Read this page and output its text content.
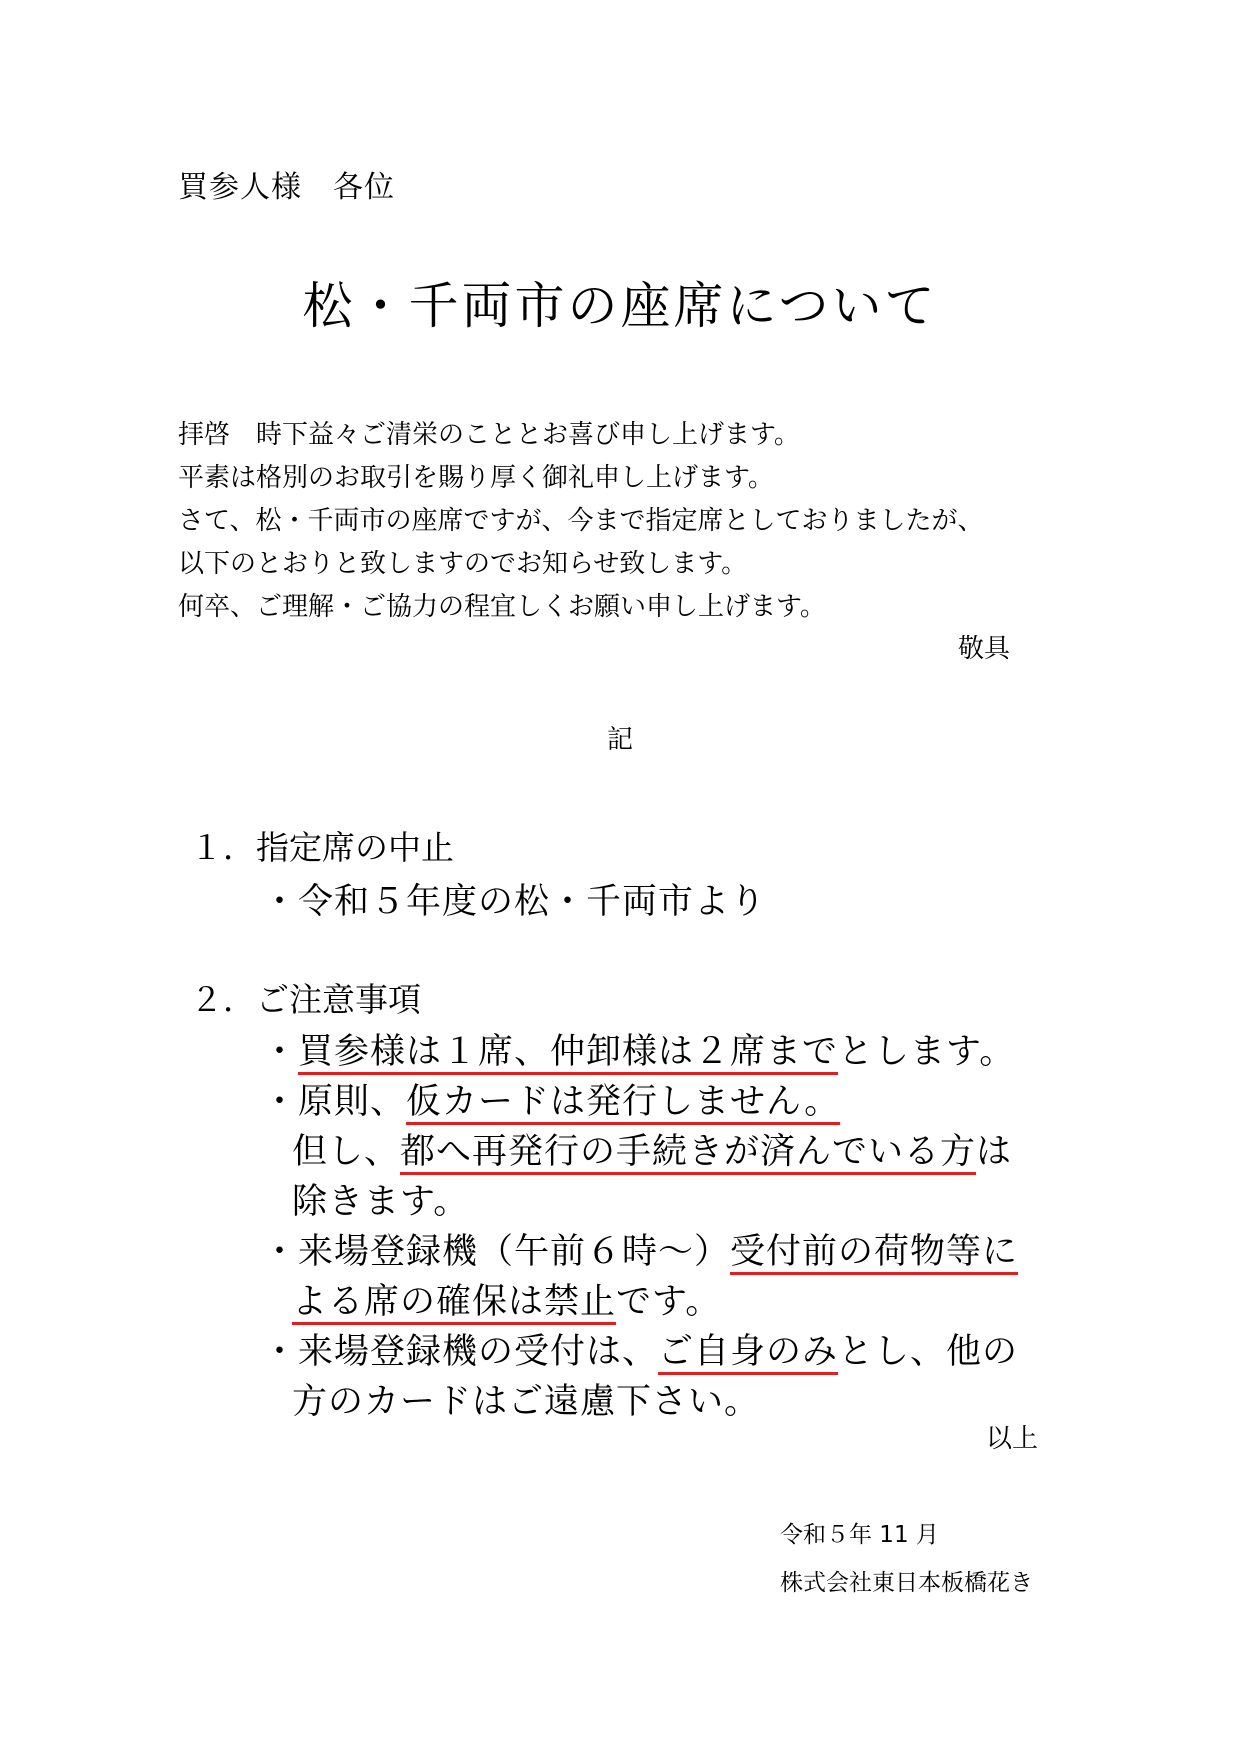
買参人様　各位
松・千両市の座席について
拝啓　時下益々ご清栄のこととお喜び申し上げます。
平素は格別のお取引を賜り厚く御礼申し上げます。
さて、松・千両市の座席ですが、今まで指定席としておりましたが、
以下のとおりと致しますのでお知らせ致します。
何卒、ご理解・ご協力の程宜しくお願い申し上げます。
敬具
記
１．指定席の中止
・令和５年度の松・千両市より
２．ご注意事項
・買参様は１席、仲卸様は２席までとします。
・原則、仮カードは発行しません。
但し、都へ再発行の手続きが済んでいる方は
除きます。
・来場登録機（午前６時～）受付前の荷物等に
よる席の確保は禁止です。
・来場登録機の受付は、ご自身のみとし、他の
方のカードはご遠慮下さい。
以上
令和５年 11 月
株式会社東日本板橋花き
